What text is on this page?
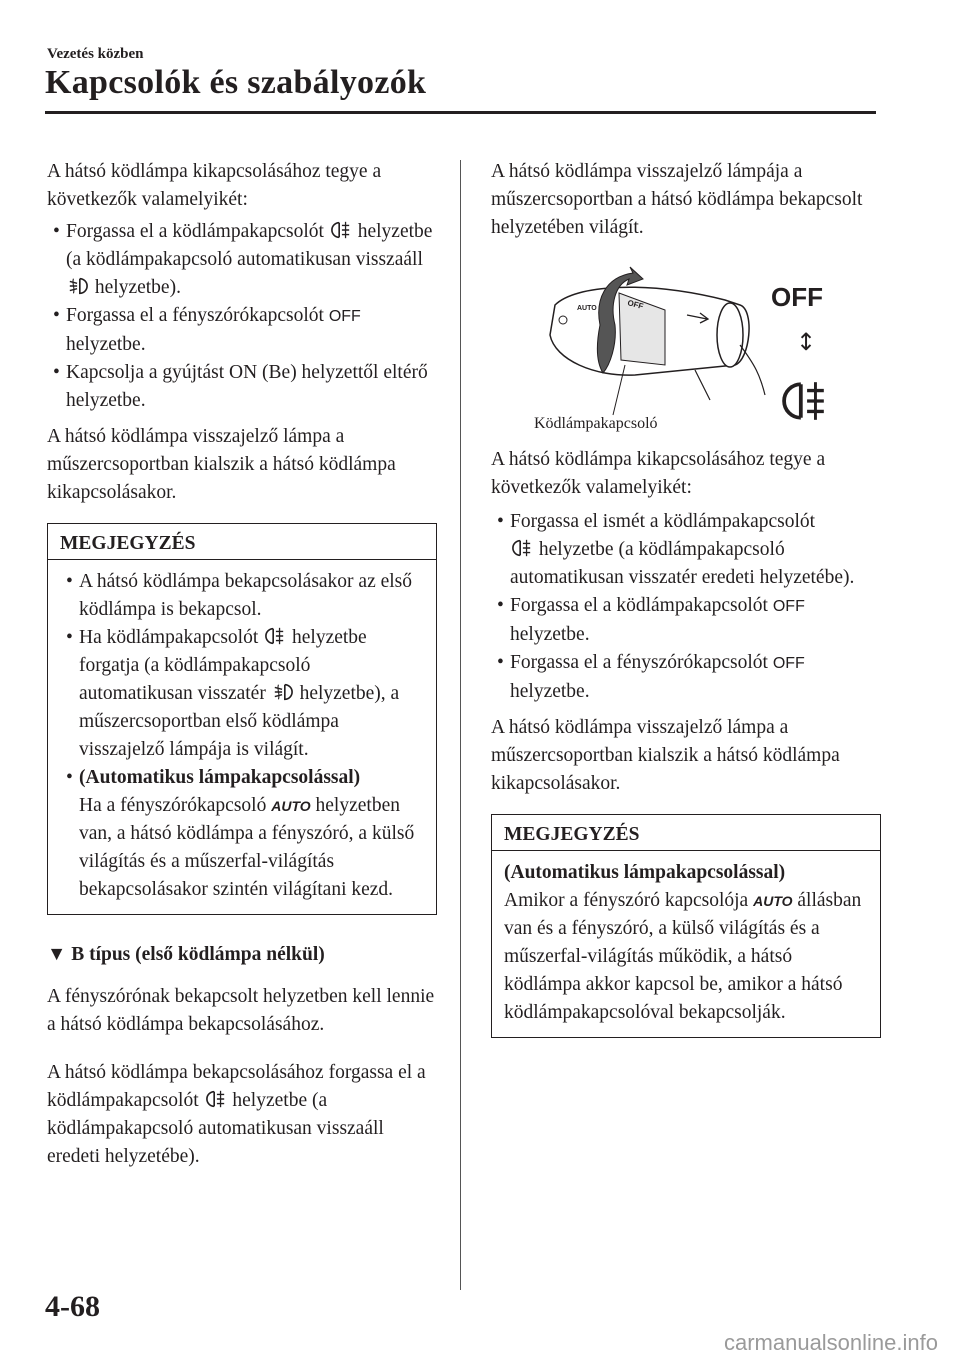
Vezetés közben
Kapcsolók és szabályozók

A hátsó ködlámpa kikapcsolásához tegye a következők valamelyikét:

• Forgassa el a ködlámpakapcsolót helyzetbe (a ködlámpakapcsoló automatikusan visszaáll  helyzetbe).
• Forgassa el a fényszórókapcsolót OFF
helyzetbe.
• Kapcsolja a gyújtást ON (Be) helyzettől eltérő helyzetbe.

A hátsó ködlámpa visszajelző lámpa a műszercsoportban kialszik a hátsó ködlámpa kikapcsolásakor.

MEGJEGYZÉS
• A hátsó ködlámpa bekapcsolásakor az első ködlámpa is bekapcsol.
• Ha ködlámpakapcsolót helyzetbe forgatja (a ködlámpakapcsoló automatikusan visszatér helyzetbe), a műszercsoportban első ködlámpa visszajelző lámpája is világít.
• (Automatikus lámpakapcsolással)
Ha a fényszórókapcsoló AUTO helyzetben van, a hátsó ködlámpa a fényszóró, a külső világítás és a műszerfal-világítás bekapcsolásakor szintén világítani kezd.
▼ B típus (első ködlámpa nélkül)

A fényszórónak bekapcsolt helyzetben kell lennie a hátsó ködlámpa bekapcsolásához.

A hátsó ködlámpa bekapcsolásához forgassa el a ködlámpakapcsolót helyzetbe (a ködlámpakapcsoló automatikusan visszaáll eredeti helyzetébe).

A hátsó ködlámpa visszajelző lámpája a műszercsoportban a hátsó ködlámpa bekapcsolt helyzetében világít.

OFF
AUTO	OFF
↕
Ködlámpakapcsoló

A hátsó ködlámpa kikapcsolásához tegye a következők valamelyikét:

• Forgassa el ismét a ködlámpakapcsolót
helyzetbe (a ködlámpakapcsoló automatikusan visszatér eredeti helyzetébe).
• Forgassa el a ködlámpakapcsolót OFF
helyzetbe.
• Forgassa el a fényszórókapcsolót OFF
helyzetbe.

A hátsó ködlámpa visszajelző lámpa a műszercsoportban kialszik a hátsó ködlámpa kikapcsolásakor.

MEGJEGYZÉS
(Automatikus lámpakapcsolással)
Amikor a fényszóró kapcsolója AUTO állásban van és a fényszóró, a külső világítás és a műszerfal-világítás működik, a hátsó ködlámpa akkor kapcsol be, amikor a hátsó ködlámpakapcsolóval bekapcsolják.
4-68
carmanualsonline.info
